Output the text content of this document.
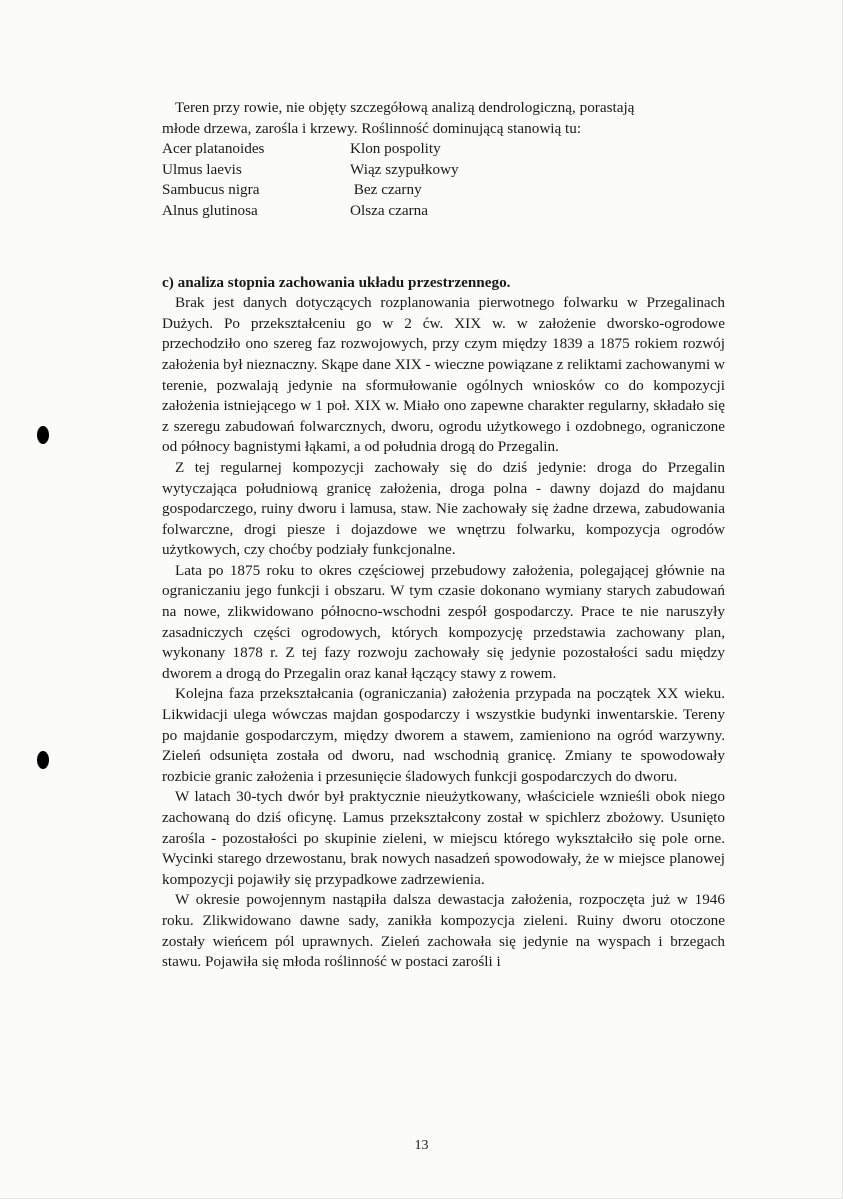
Teren przy rowie, nie objęty szczegółową analizą dendrologiczną, porastają
młode drzewa, zarośla i krzewy. Roślinność dominującą stanowią tu:
Acer platanoides	Klon pospolity
Ulmus laevis	Wiąz szypułkowy
Sambucus nigra	Bez czarny
Alnus glutinosa	Olsza czarna
c) analiza stopnia zachowania układu przestrzennego.

Brak jest danych dotyczących rozplanowania pierwotnego folwarku w Przegalinach Dużych. Po przekształceniu go w 2 ćw. XIX w. w założenie dworsko-ogrodowe przechodziło ono szereg faz rozwojowych, przy czym między 1839 a 1875 rokiem rozwój założenia był nieznaczny. Skąpe dane XIX - wieczne powiązane z reliktami zachowanymi w terenie, pozwalają jedynie na sformułowanie ogólnych wniosków co do kompozycji założenia istniejącego w 1 poł. XIX w. Miało ono zapewne charakter regularny, składało się z szeregu zabudowań folwarcznych, dworu, ogrodu użytkowego i ozdobnego, ograniczone od północy bagnistymi łąkami, a od południa drogą do Przegalin.

Z tej regularnej kompozycji zachowały się do dziś jedynie: droga do Przegalin wytyczająca południową granicę założenia, droga polna - dawny dojazd do majdanu gospodarczego, ruiny dworu i lamusa, staw. Nie zachowały się żadne drzewa, zabudowania folwarczne, drogi piesze i dojazdowe we wnętrzu folwarku, kompozycja ogrodów użytkowych, czy choćby podziały funkcjonalne.

Lata po 1875 roku to okres częściowej przebudowy założenia, polegającej głównie na ograniczaniu jego funkcji i obszaru. W tym czasie dokonano wymiany starych zabudowań na nowe, zlikwidowano północno-wschodni zespół gospodarczy. Prace te nie naruszyły zasadniczych części ogrodowych, których kompozycję przedstawia zachowany plan, wykonany 1878 r. Z tej fazy rozwoju zachowały się jedynie pozostałości sadu między dworem a drogą do Przegalin oraz kanał łączący stawy z rowem.

Kolejna faza przekształcania (ograniczania) założenia przypada na początek XX wieku. Likwidacji ulega wówczas majdan gospodarczy i wszystkie budynki inwentarskie. Tereny po majdanie gospodarczym, między dworem a stawem, zamieniono na ogród warzywny. Zieleń odsunięta została od dworu, nad wschodnią granicę. Zmiany te spowodowały rozbicie granic założenia i przesunięcie śladowych funkcji gospodarczych do dworu.

W latach 30-tych dwór był praktycznie nieużytkowany, właściciele wznieśli obok niego zachowaną do dziś oficynę. Lamus przekształcony został w spichlerz zbożowy. Usunięto zarośla - pozostałości po skupinie zieleni, w miejscu którego wykształciło się pole orne. Wycinki starego drzewostanu, brak nowych nasadzeń spowodowały, że w miejsce planowej kompozycji pojawiły się przypadkowe zadrzewienia.

W okresie powojennym nastąpiła dalsza dewastacja założenia, rozpoczęta już w 1946 roku. Zlikwidowano dawne sady, zanikła kompozycja zieleni. Ruiny dworu otoczone zostały wieńcem pól uprawnych. Zieleń zachowała się jedynie na wyspach i brzegach stawu. Pojawiła się młoda roślinność w postaci zarośli i

13
